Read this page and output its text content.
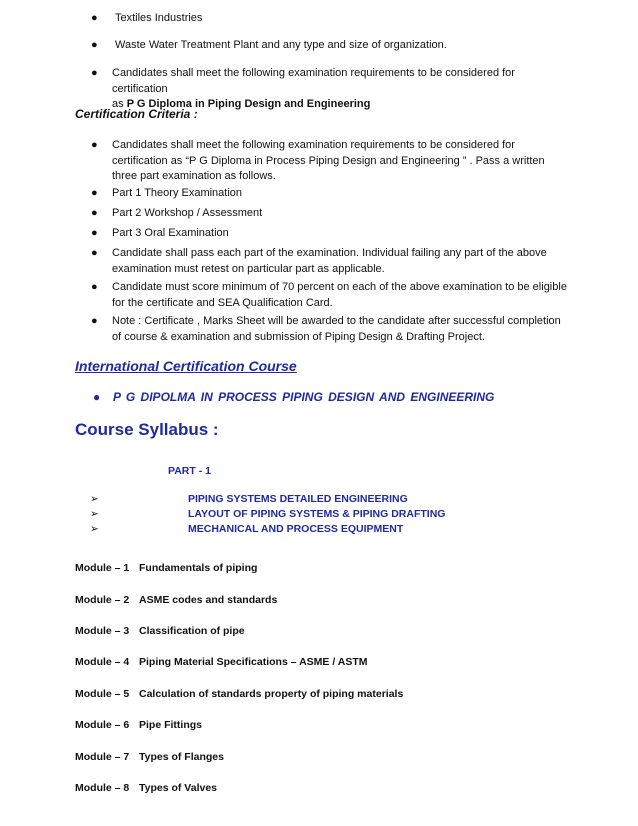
● Textiles Industries
● Waste Water Treatment Plant and any type and size of organization.
● Candidates shall meet the following examination requirements to be considered for certification
as P G Diploma in Piping Design and Engineering
Certification Criteria :
● Candidates shall meet the following examination requirements to be considered for certification as “P G Diploma in Process Piping Design and Engineering ” . Pass a written three part examination as follows.
● Part 1 Theory Examination
● Part 2 Workshop / Assessment
● Part 3 Oral Examination
● Candidate shall pass each part of the examination. Individual failing any part of the above examination must retest on particular part as applicable.
● Candidate must score minimum of 70 percent on each of the above examination to be eligible for the certificate and SEA Qualification Card.
● Note : Certificate , Marks Sheet will be awarded to the candidate after successful completion of course & examination and submission of Piping Design & Drafting Project.
International Certification Course
● P G DIPOLMA IN PROCESS PIPING DESIGN AND ENGINEERING
Course Syllabus :
PART - 1
➢	PIPING SYSTEMS DETAILED ENGINEERING
➢	LAYOUT OF PIPING SYSTEMS & PIPING DRAFTING
➢	MECHANICAL AND PROCESS EQUIPMENT
Module – 1 Fundamentals of piping
Module – 2 ASME codes and standards
Module – 3 Classification of pipe
Module – 4 Piping Material Specifications – ASME / ASTM
Module – 5 Calculation of standards property of piping materials
Module – 6 Pipe Fittings
Module – 7 Types of Flanges
Module – 8 Types of Valves
